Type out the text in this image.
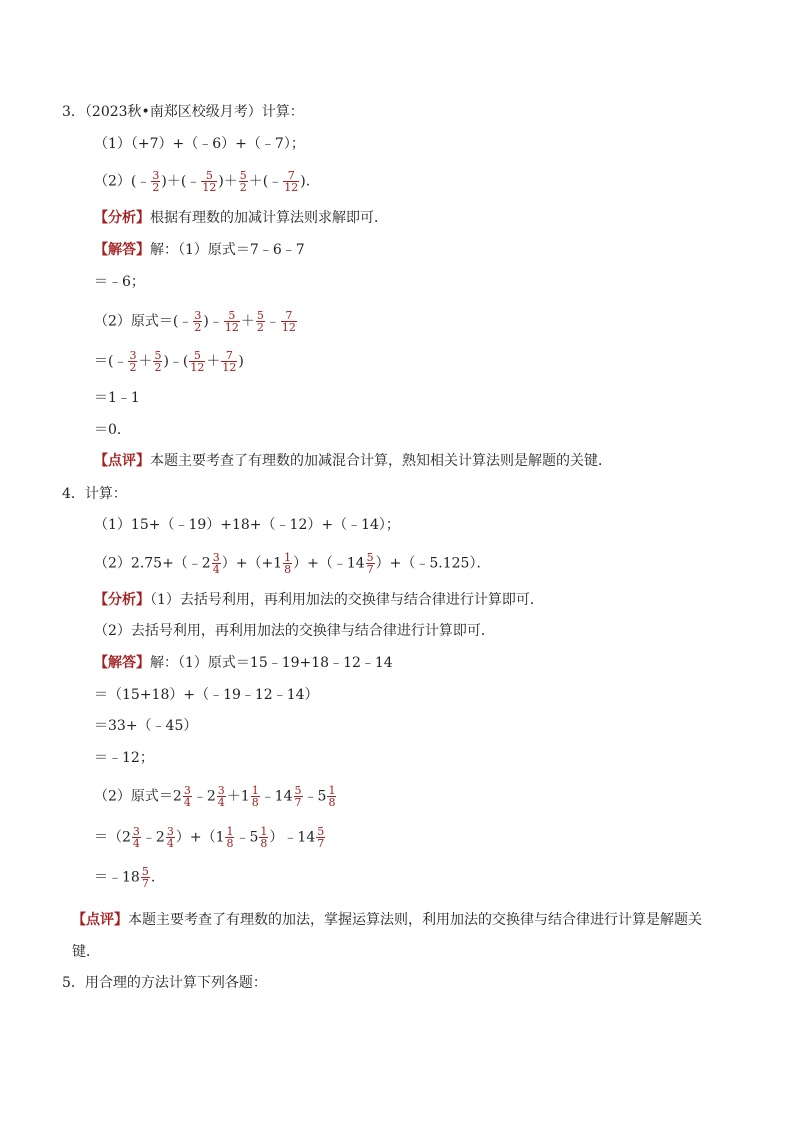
3．（2023秋•南郑区校级月考）计算：
（1）（+7）+（﹣6）+（﹣7）；
（2）(﹣ $\frac{3}{2}$ )＋(﹣ $\frac{5}{12}$ )＋ $\frac{5}{2}$ ＋(﹣ $\frac{7}{12}$ ).
【分析】根据有理数的加减计算法则求解即可．
【解答】解：（1）原式＝7﹣6﹣7
＝﹣6；
（2）原式＝(﹣ $\frac{3}{2}$ )﹣ $\frac{5}{12} + \frac{5}{2}$ ﹣ $\frac{7}{12}$
＝(﹣ $\frac{3}{2} + \frac{5}{2}$ )﹣( $\frac{5}{12} + \frac{7}{12}$ )
＝1﹣1
＝0．
【点评】本题主要考查了有理数的加减混合计算，熟知相关计算法则是解题的关键．
4．计算：
（1）15+（﹣19）+18+（﹣12）+（﹣14）；
（2）2.75+（﹣2 $\frac{3}{4} )+(+1 \frac{1}{8}$ ）+（﹣14 $\frac{5}{7}$ ）+（﹣5.125）．
【分析】（1）去括号利用，再利用加法的交换律与结合律进行计算即可．
（2）去括号利用，再利用加法的交换律与结合律进行计算即可．
【解答】解：（1）原式＝15﹣19+18﹣12﹣14
＝（15+18）+（﹣19﹣12﹣14）
＝33+（﹣45）
＝﹣12；
（2）原式$=2 \frac{3}{4}$ ﹣2 $\frac{3}{4} +1 \frac{1}{8}$ ﹣14 $\frac{5}{7}$ ﹣5 $\frac{1}{8}$
$=(2 \frac{3}{4}$ ﹣2 $\frac{3}{4} )+(1 \frac{1}{8}$ ﹣5 $\frac{1}{8}$ ）﹣14 $\frac{5}{7}$
＝﹣18 $\frac{5}{7}$ .
【点评】本题主要考查了有理数的加法，掌握运算法则，利用加法的交换律与结合律进行计算是解题关
键．
5．用合理的方法计算下列各题：
